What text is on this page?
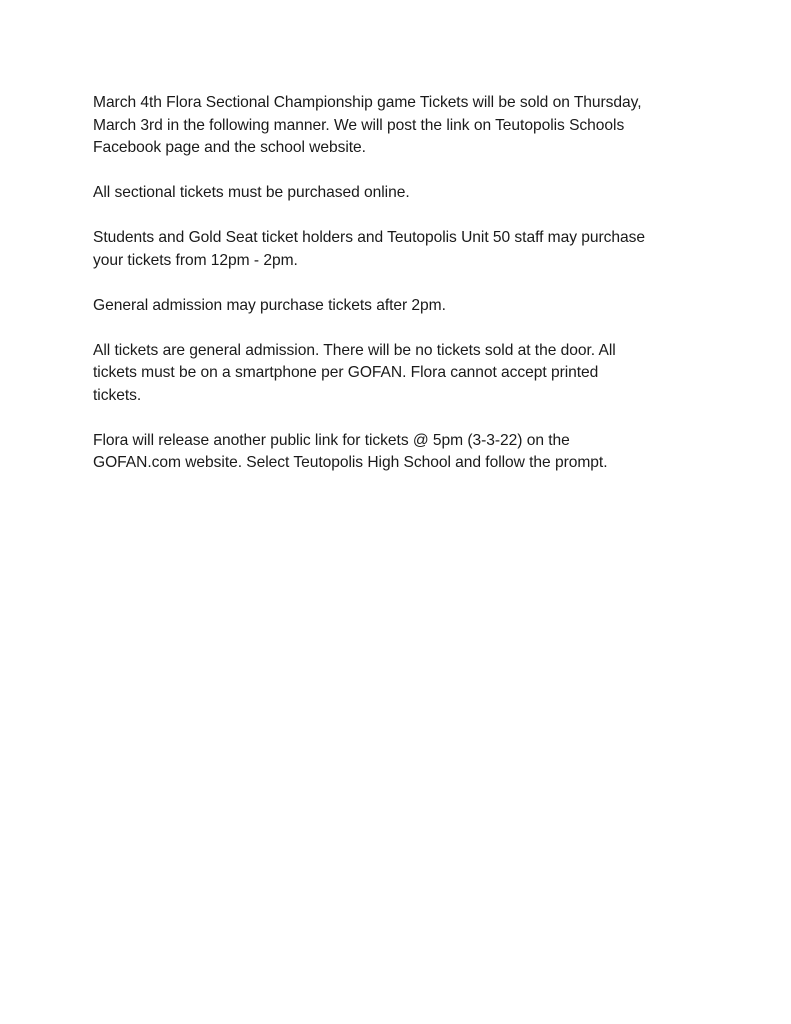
March 4th Flora Sectional Championship game Tickets will be sold on Thursday,
March 3rd in the following manner. We will post the link on Teutopolis Schools
Facebook page and the school website.

All sectional tickets must be purchased online.

Students and Gold Seat ticket holders and Teutopolis Unit 50 staff may purchase
your tickets from 12pm - 2pm.

General admission may purchase tickets after 2pm.

All tickets are general admission. There will be no tickets sold at the door. All
tickets must be on a smartphone per GOFAN. Flora cannot accept printed
tickets.

Flora will release another public link for tickets @ 5pm (3-3-22) on the
GOFAN.com website. Select Teutopolis High School and follow the prompt.
